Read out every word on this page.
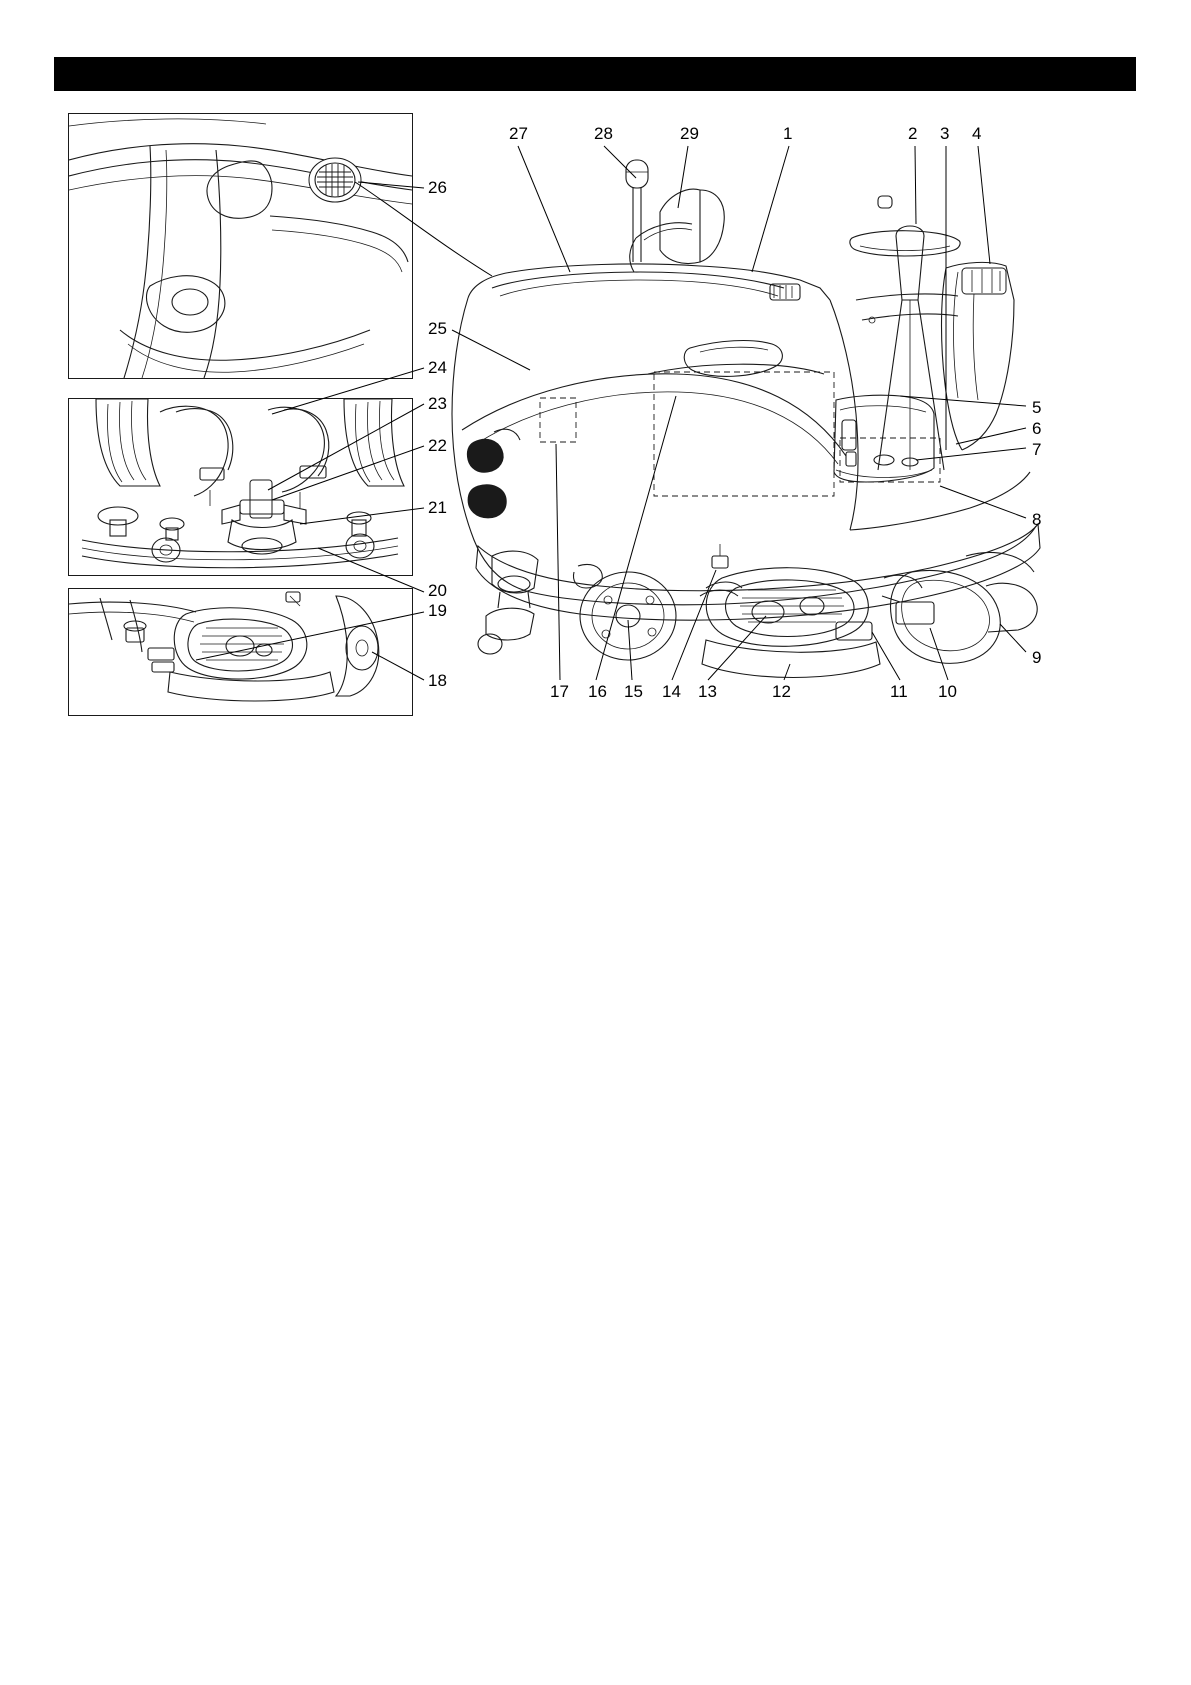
1	2 3 4
5
6
7
8
9
10
11
12
13
14
15
16
17
18
19
20
21
22
23
24
25
26
27	28	29
